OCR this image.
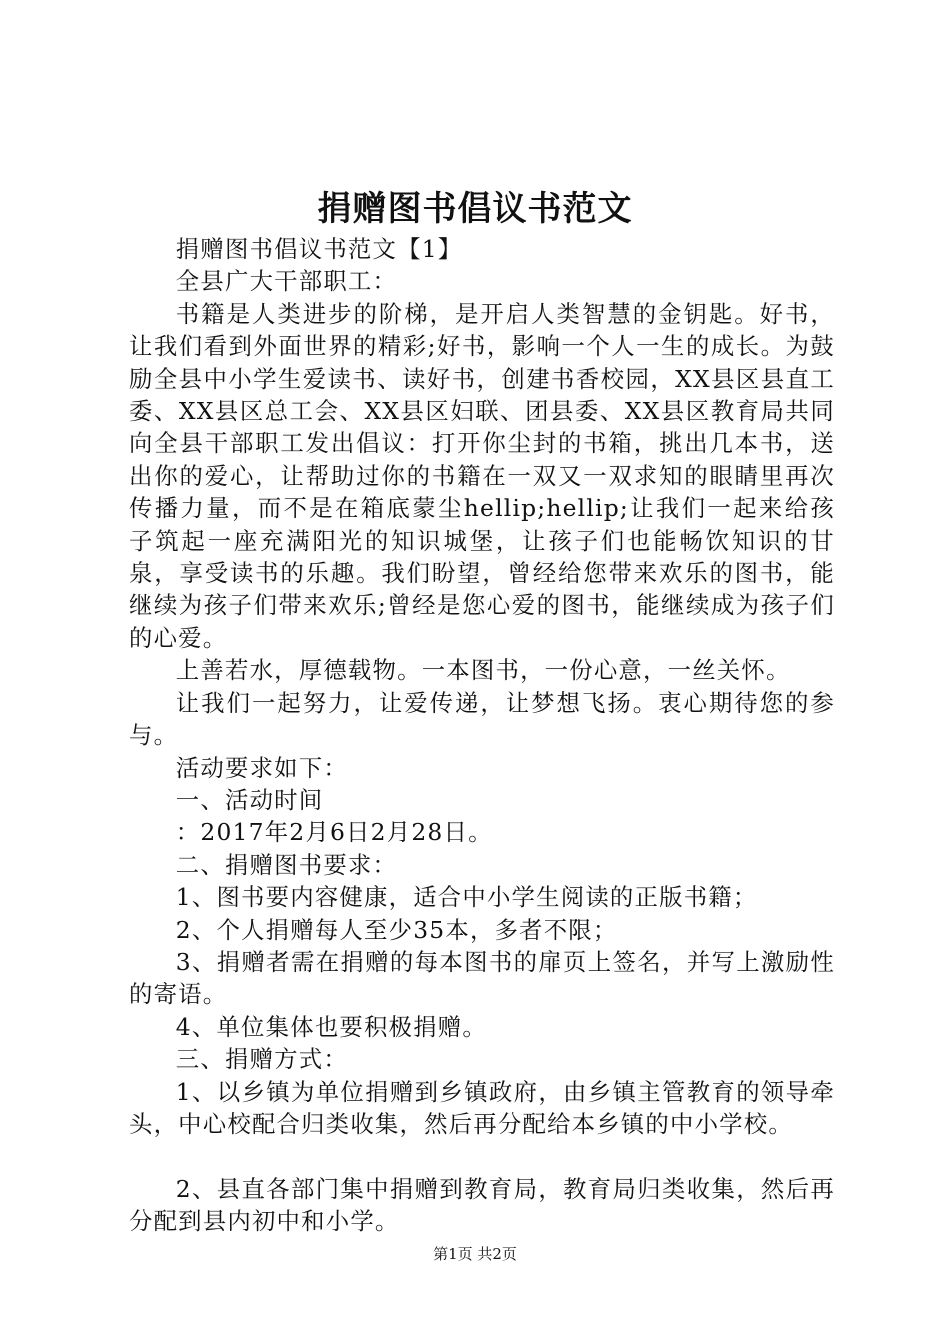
捐赠图书倡议书范文

捐赠图书倡议书范文【1】

全县广大干部职工：

书籍是人类进步的阶梯，是开启人类智慧的金钥匙。好书，让我们看到外面世界的精彩;好书，影响一个人一生的成长。为鼓励全县中小学生爱读书、读好书，创建书香校园，XX县区县直工委、XX县区总工会、XX县区妇联、团县委、XX县区教育局共同向全县干部职工发出倡议：打开你尘封的书箱，挑出几本书，送出你的爱心，让帮助过你的书籍在一双又一双求知的眼睛里再次传播力量，而不是在箱底蒙尘hellip;hellip;让我们一起来给孩子筑起一座充满阳光的知识城堡，让孩子们也能畅饮知识的甘泉，享受读书的乐趣。我们盼望，曾经给您带来欢乐的图书，能继续为孩子们带来欢乐;曾经是您心爱的图书，能继续成为孩子们的心爱。

上善若水，厚德载物。一本图书，一份心意，一丝关怀。

让我们一起努力，让爱传递，让梦想飞扬。衷心期待您的参与。

活动要求如下：

一、活动时间

：2017年2月6日2月28日。

二、捐赠图书要求：

1、图书要内容健康，适合中小学生阅读的正版书籍；

2、个人捐赠每人至少35本，多者不限；

3、捐赠者需在捐赠的每本图书的扉页上签名，并写上激励性的寄语。

4、单位集体也要积极捐赠。

三、捐赠方式：

1、以乡镇为单位捐赠到乡镇政府，由乡镇主管教育的领导牵头，中心校配合归类收集，然后再分配给本乡镇的中小学校。

2、县直各部门集中捐赠到教育局，教育局归类收集，然后再分配到县内初中和小学。

第1页 共2页
